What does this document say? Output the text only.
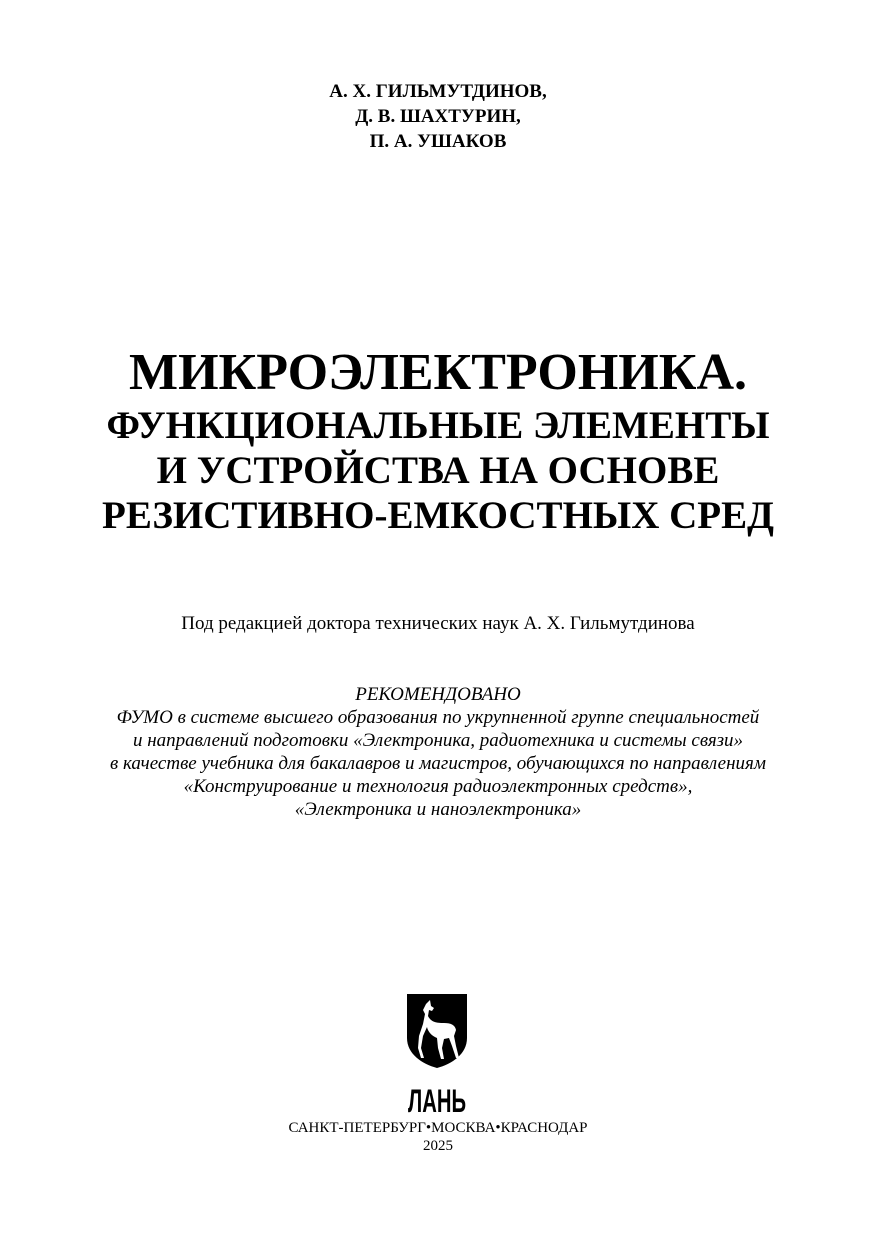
А. Х. ГИЛЬМУТДИНОВ,
Д. В. ШАХТУРИН,
П. А. УШАКОВ
МИКРОЭЛЕКТРОНИКА.
ФУНКЦИОНАЛЬНЫЕ ЭЛЕМЕНТЫ
И УСТРОЙСТВА НА ОСНОВЕ
РЕЗИСТИВНО-ЕМКОСТНЫХ СРЕД
Под редакцией доктора технических наук А. Х. Гильмутдинова
РЕКОМЕНДОВАНО
ФУМО в системе высшего образования по укрупненной группе специальностей
и направлений подготовки «Электроника, радиотехника и системы связи»
в качестве учебника для бакалавров и магистров, обучающихся по направлениям
«Конструирование и технология радиоэлектронных средств»,
«Электроника и наноэлектроника»
ЛАНЬ
САНКТ-ПЕТЕРБУРГ•МОСКВА•КРАСНОДАР
2025
